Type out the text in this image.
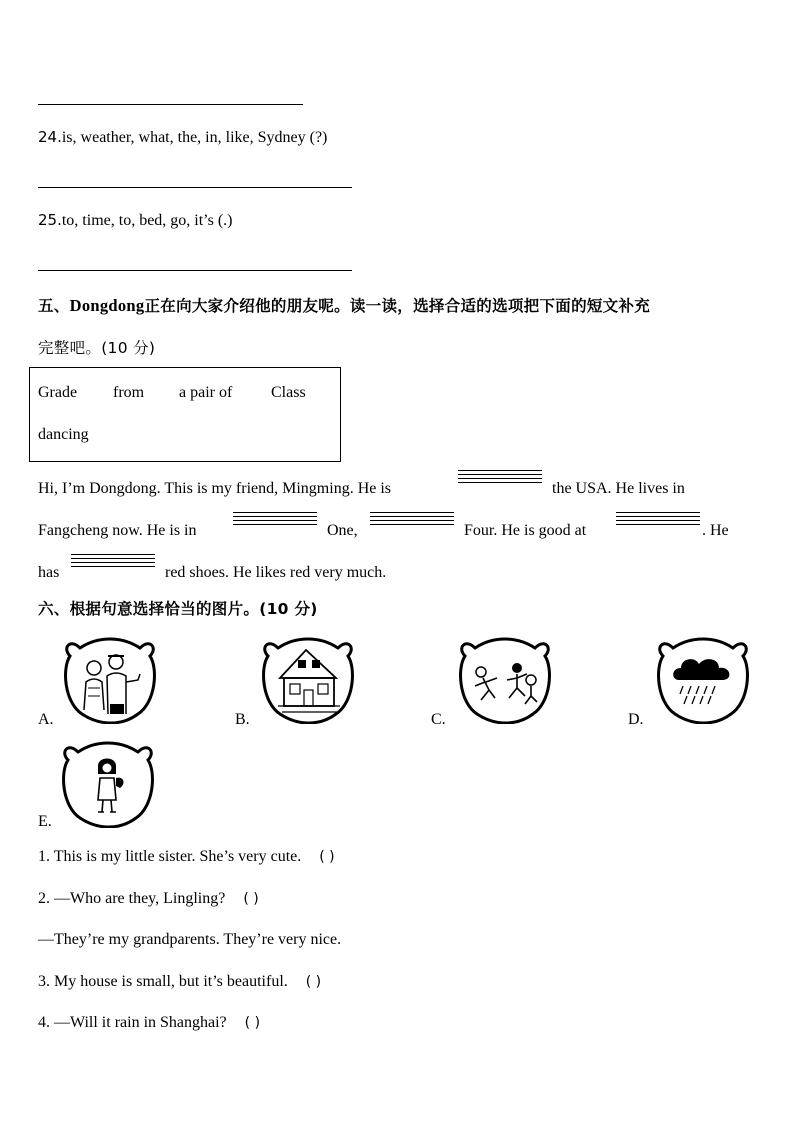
24.is, weather, what, the, in, like, Sydney (?)
25.to, time, to, bed, go, it’s (.)
五、Dongdong正在向大家介绍他的朋友呢。读一读，选择合适的选项把下面的短文补充
完整吧。(10 分)
Grade from a pair of Class
dancing
Hi, I’m Dongdong. This is my friend, Mingming. He is	the USA. He lives in
Fangcheng now. He is in	One,	Four. He is good at	. He
has	red shoes. He likes red very much.
六、根据句意选择恰当的图片。(10 分)
A.	B.	C.	D.
E.
1. This is my little sister. She’s very cute. ( )
2. —Who are they, Lingling? ( )
—They’re my grandparents. They’re very nice.
3. My house is small, but it’s beautiful. ( )
4. —Will it rain in Shanghai? ( )
